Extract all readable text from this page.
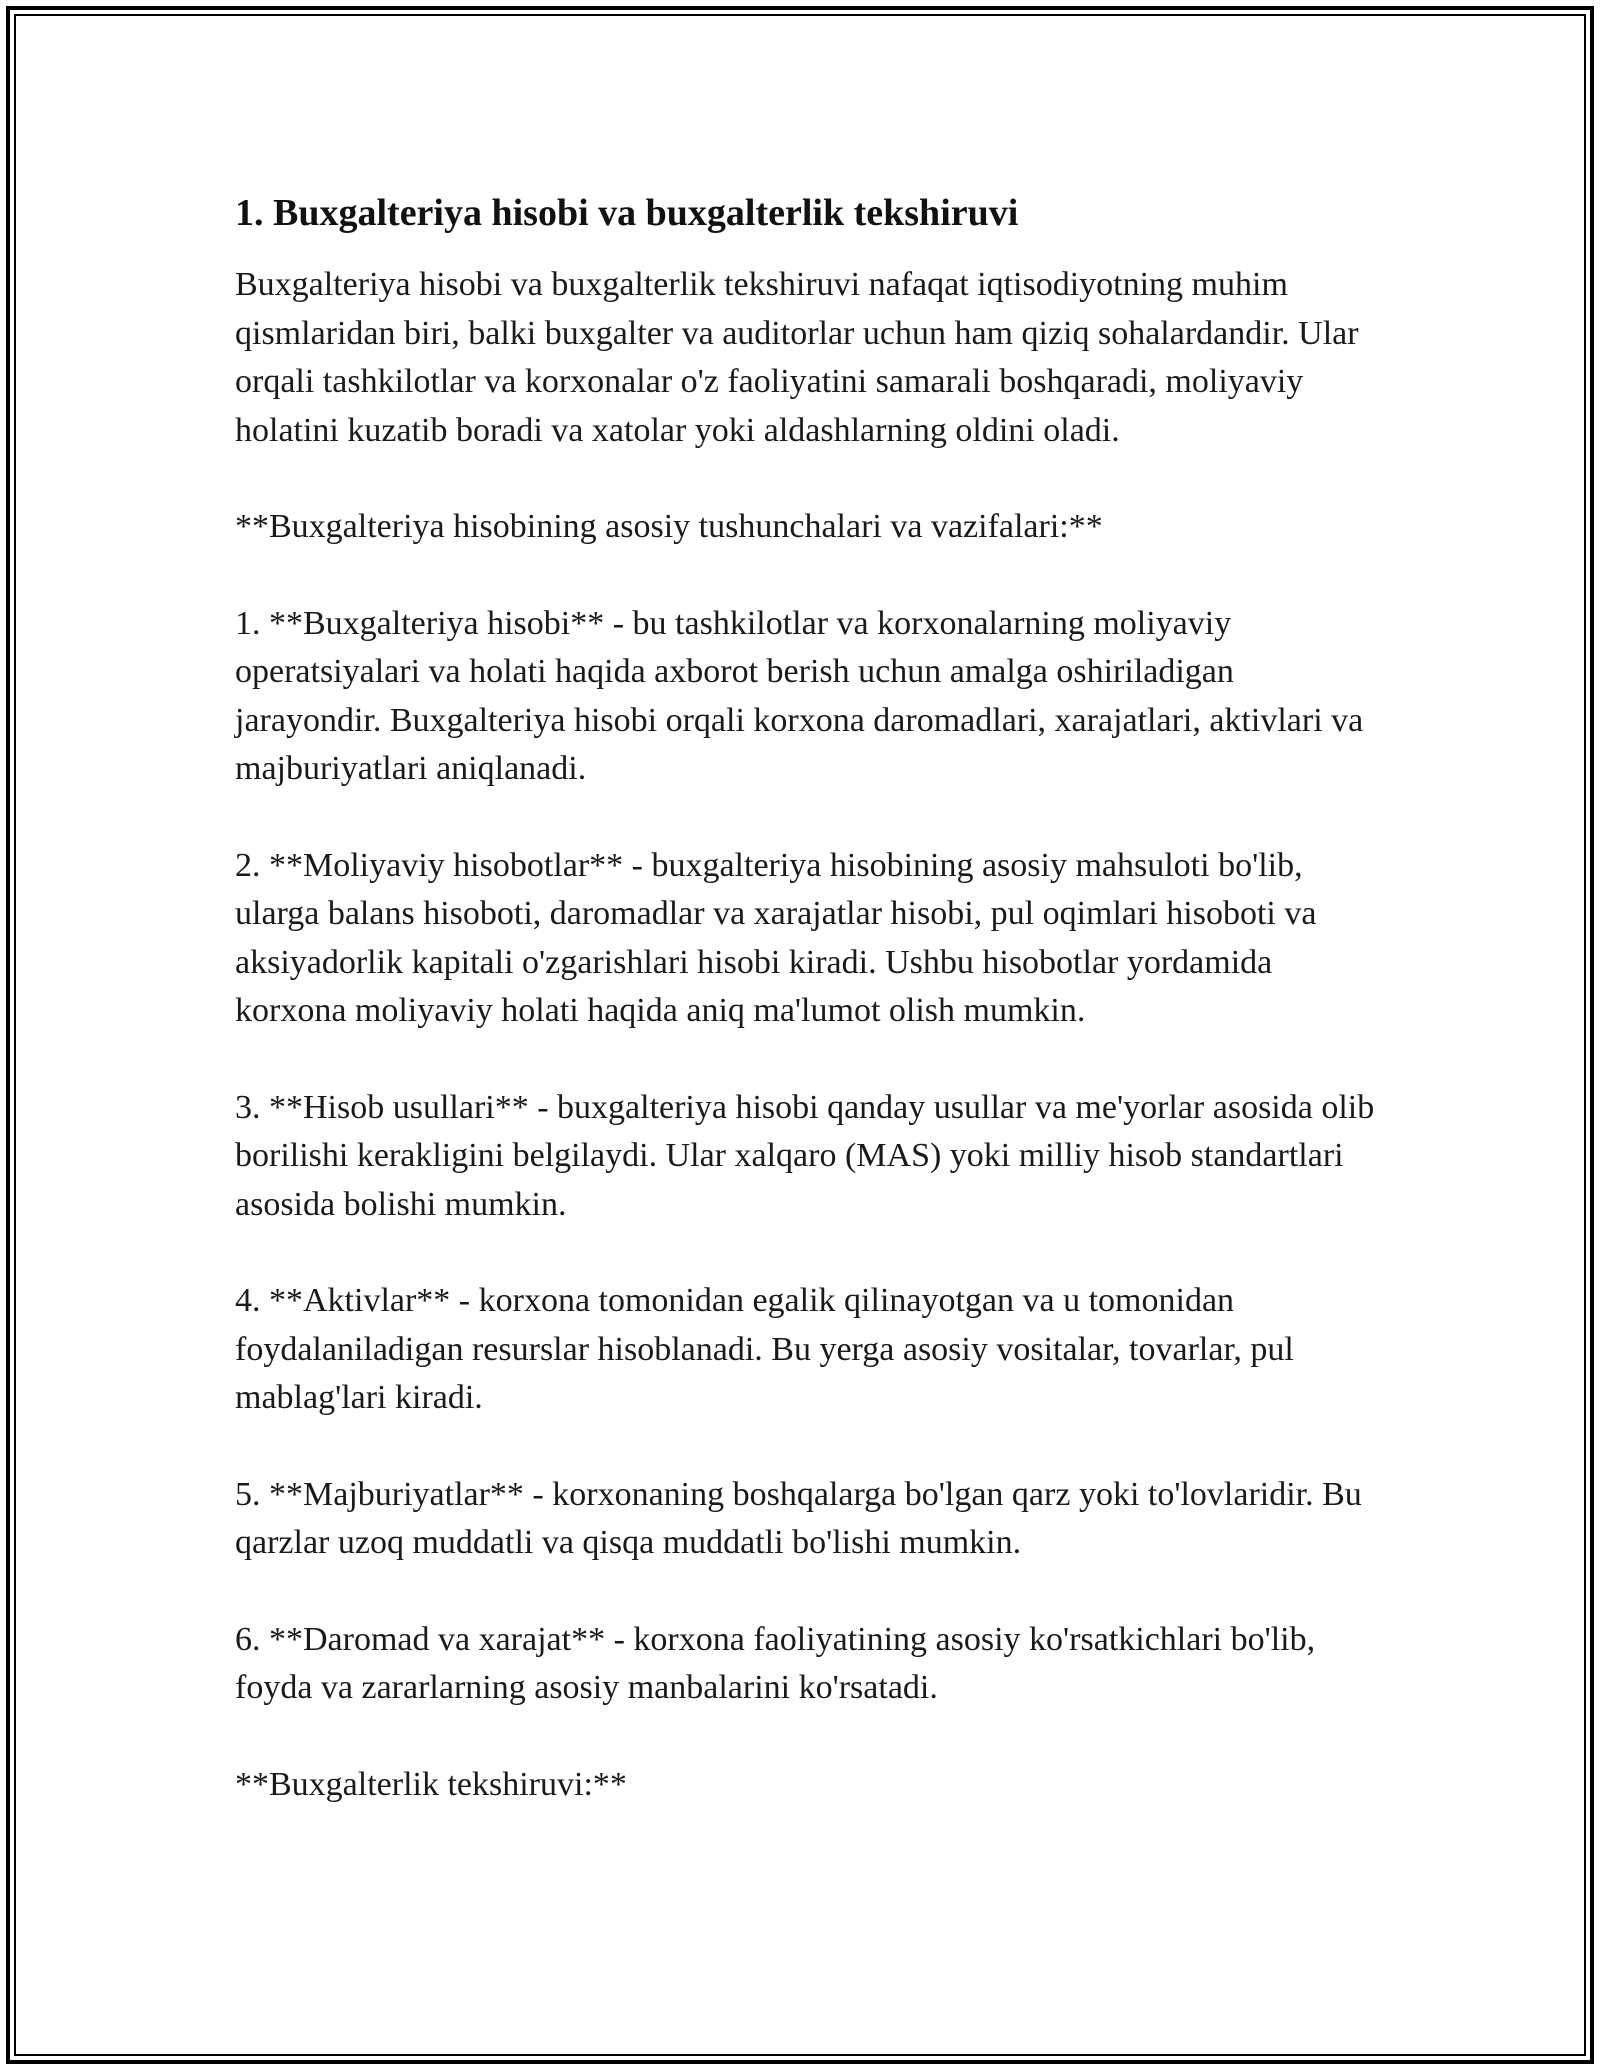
1. Buxgalteriya hisobi va buxgalterlik tekshiruvi

Buxgalteriya hisobi va buxgalterlik tekshiruvi nafaqat iqtisodiyotning muhim qismlaridan biri, balki buxgalter va auditorlar uchun ham qiziq sohalardandir. Ular orqali tashkilotlar va korxonalar o'z faoliyatini samarali boshqaradi, moliyaviy holatini kuzatib boradi va xatolar yoki aldashlarning oldini oladi.

**Buxgalteriya hisobining asosiy tushunchalari va vazifalari:**

1. **Buxgalteriya hisobi** - bu tashkilotlar va korxonalarning moliyaviy operatsiyalari va holati haqida axborot berish uchun amalga oshiriladigan jarayondir. Buxgalteriya hisobi orqali korxona daromadlari, xarajatlari, aktivlari va majburiyatlari aniqlanadi.

2. **Moliyaviy hisobotlar** - buxgalteriya hisobining asosiy mahsuloti bo'lib, ularga balans hisoboti, daromadlar va xarajatlar hisobi, pul oqimlari hisoboti va aksiyadorlik kapitali o'zgarishlari hisobi kiradi. Ushbu hisobotlar yordamida korxona moliyaviy holati haqida aniq ma'lumot olish mumkin.

3. **Hisob usullari** - buxgalteriya hisobi qanday usullar va me'yorlar asosida olib borilishi kerakligini belgilaydi. Ular xalqaro (MAS) yoki milliy hisob standartlari asosida bolishi mumkin.

4. **Aktivlar** - korxona tomonidan egalik qilinayotgan va u tomonidan foydalaniladigan resurslar hisoblanadi. Bu yerga asosiy vositalar, tovarlar, pul mablag'lari kiradi.

5. **Majburiyatlar** - korxonaning boshqalarga bo'lgan qarz yoki to'lovlaridir. Bu qarzlar uzoq muddatli va qisqa muddatli bo'lishi mumkin.

6. **Daromad va xarajat** - korxona faoliyatining asosiy ko'rsatkichlari bo'lib, foyda va zararlarning asosiy manbalarini ko'rsatadi.

**Buxgalterlik tekshiruvi:**
